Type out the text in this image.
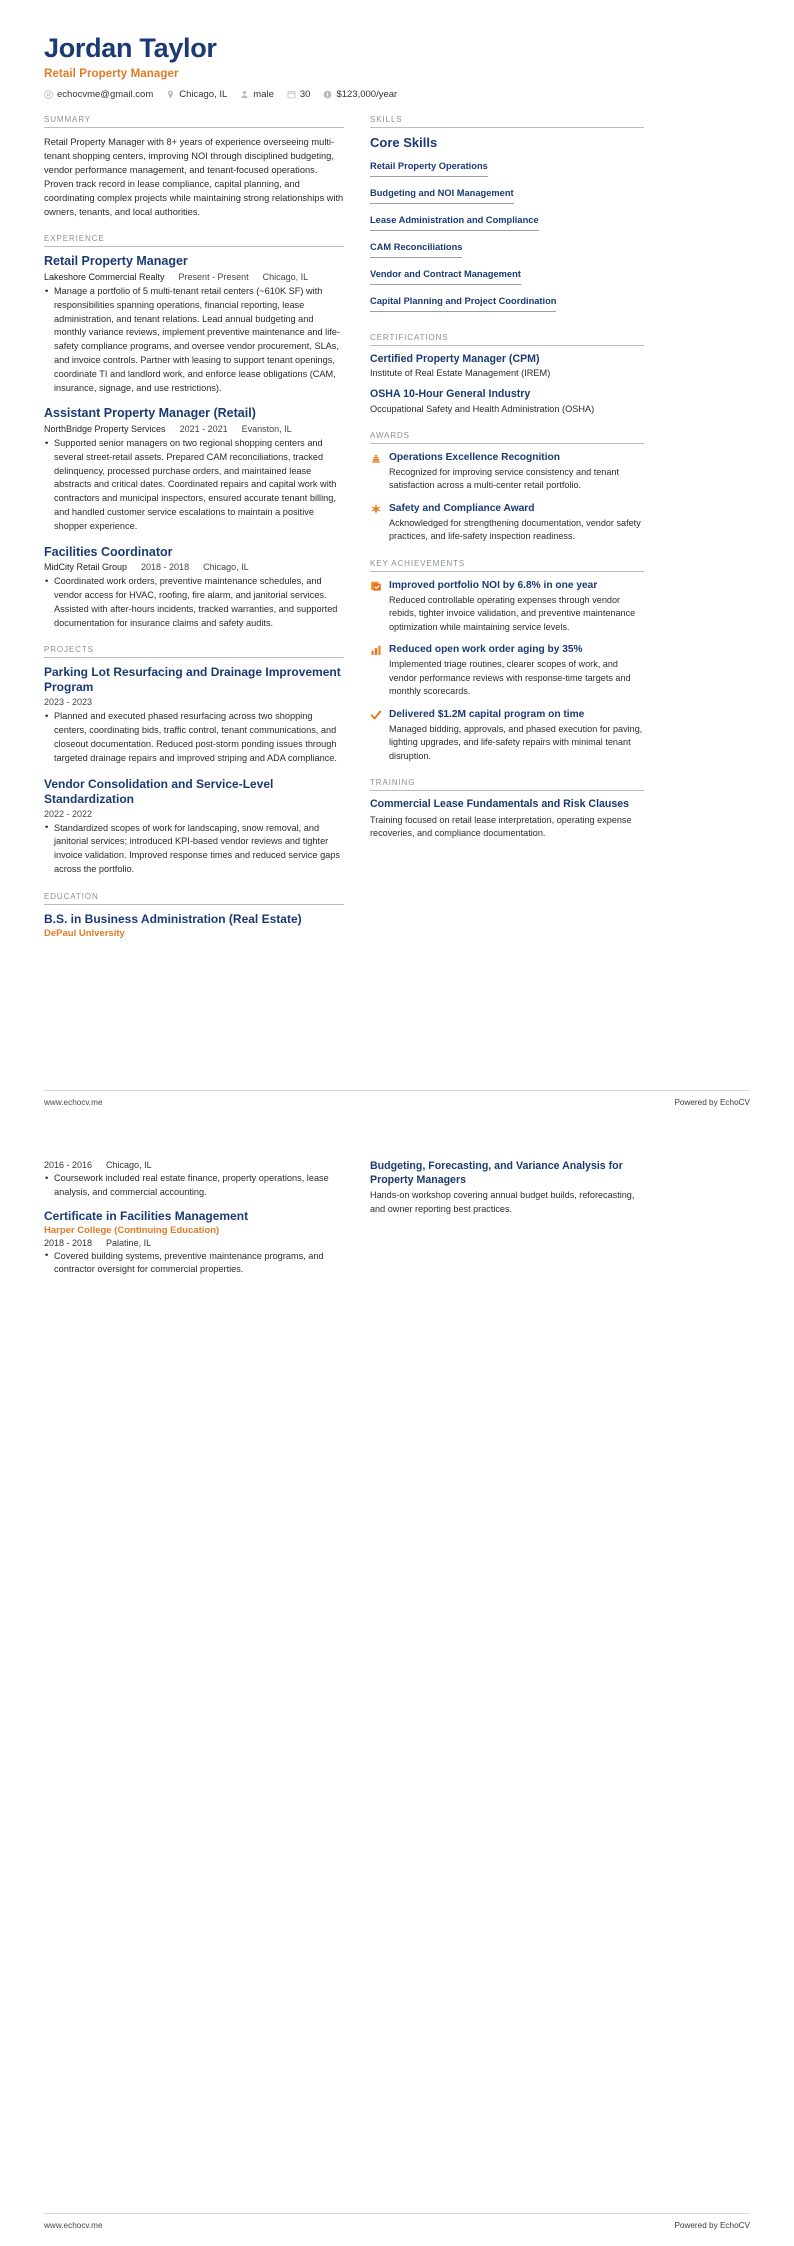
Jordan Taylor
Retail Property Manager
echocvme@gmail.com	Chicago, IL	male	30	$123,000/year
SUMMARY
Retail Property Manager with 8+ years of experience overseeing multi-tenant shopping centers, improving NOI through disciplined budgeting, vendor performance management, and tenant-focused operations. Proven track record in lease compliance, capital planning, and coordinating complex projects while maintaining strong relationships with owners, tenants, and local authorities.
EXPERIENCE
Retail Property Manager
Lakeshore Commercial Realty Present - Present Chicago, IL
• Manage a portfolio of 5 multi-tenant retail centers (~610K SF) with responsibilities spanning operations, financial reporting, lease administration, and tenant relations. Lead annual budgeting and monthly variance reviews, implement preventive maintenance and life-safety compliance programs, and oversee vendor procurement, SLAs, and invoice controls. Partner with leasing to support tenant openings, coordinate TI and landlord work, and enforce lease obligations (CAM, insurance, signage, and use restrictions).
Assistant Property Manager (Retail)
NorthBridge Property Services 2021 - 2021 Evanston, IL
• Supported senior managers on two regional shopping centers and several street-retail assets. Prepared CAM reconciliations, tracked delinquency, processed purchase orders, and maintained lease abstracts and critical dates. Coordinated repairs and capital work with contractors and municipal inspectors, ensured accurate tenant billing, and handled customer service escalations to maintain a positive shopper experience.
Facilities Coordinator
MidCity Retail Group 2018 - 2018 Chicago, IL
• Coordinated work orders, preventive maintenance schedules, and vendor access for HVAC, roofing, fire alarm, and janitorial services. Assisted with after-hours incidents, tracked warranties, and supported documentation for insurance claims and safety audits.
PROJECTS
Parking Lot Resurfacing and Drainage Improvement Program
2023 - 2023
• Planned and executed phased resurfacing across two shopping centers, coordinating bids, traffic control, tenant communications, and closeout documentation. Reduced post-storm ponding issues through targeted drainage repairs and improved striping and ADA compliance.
Vendor Consolidation and Service-Level Standardization
2022 - 2022
• Standardized scopes of work for landscaping, snow removal, and janitorial services; introduced KPI-based vendor reviews and tighter invoice validation. Improved response times and reduced service gaps across the portfolio.
EDUCATION
B.S. in Business Administration (Real Estate)
DePaul University
SKILLS
Core Skills
Retail Property Operations
Budgeting and NOI Management
Lease Administration and Compliance
CAM Reconciliations
Vendor and Contract Management
Capital Planning and Project Coordination
CERTIFICATIONS
Certified Property Manager (CPM)
Institute of Real Estate Management (IREM)
OSHA 10-Hour General Industry
Occupational Safety and Health Administration (OSHA)
AWARDS
Operations Excellence Recognition
Recognized for improving service consistency and tenant satisfaction across a multi-center retail portfolio.
Safety and Compliance Award
Acknowledged for strengthening documentation, vendor safety practices, and life-safety inspection readiness.
KEY ACHIEVEMENTS
Improved portfolio NOI by 6.8% in one year
Reduced controllable operating expenses through vendor rebids, tighter invoice validation, and preventive maintenance optimization while maintaining service levels.
Reduced open work order aging by 35%
Implemented triage routines, clearer scopes of work, and vendor performance reviews with response-time targets and monthly scorecards.
Delivered $1.2M capital program on time
Managed bidding, approvals, and phased execution for paving, lighting upgrades, and life-safety repairs with minimal tenant disruption.
TRAINING
Commercial Lease Fundamentals and Risk Clauses
Training focused on retail lease interpretation, operating expense recoveries, and compliance documentation.
www.echocv.me	Powered by EchoCV
2016 - 2016 Chicago, IL
• Coursework included real estate finance, property operations, lease analysis, and commercial accounting.
Certificate in Facilities Management
Harper College (Continuing Education)
2018 - 2018 Palatine, IL
• Covered building systems, preventive maintenance programs, and contractor oversight for commercial properties.
Budgeting, Forecasting, and Variance Analysis for Property Managers
Hands-on workshop covering annual budget builds, reforecasting, and owner reporting best practices.
www.echocv.me	Powered by EchoCV
